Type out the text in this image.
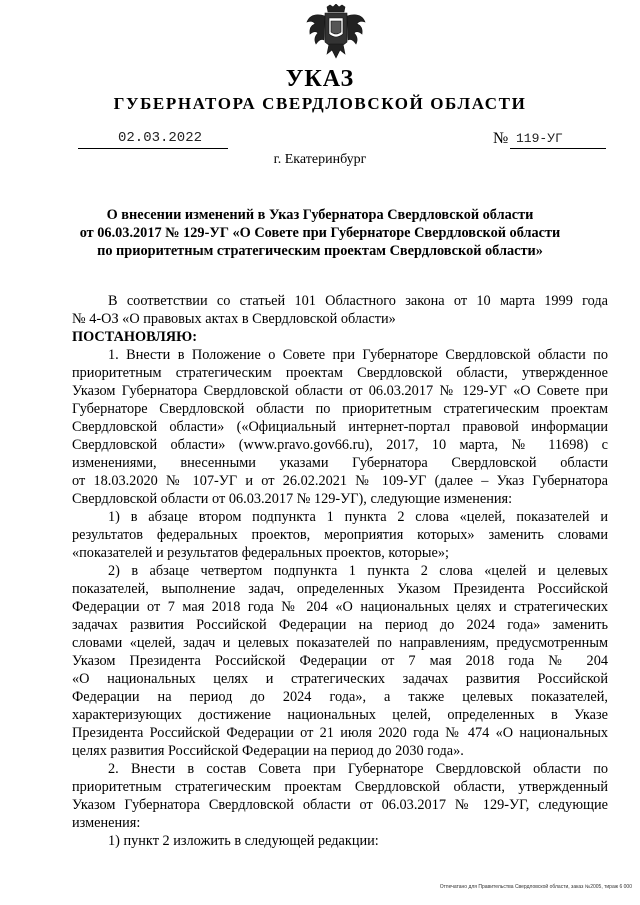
УКАЗ
ГУБЕРНАТОРА СВЕРДЛОВСКОЙ ОБЛАСТИ
02.03.2022	№ 119-УГ
г. Екатеринбург
О внесении изменений в Указ Губернатора Свердловской области
от 06.03.2017 № 129-УГ «О Совете при Губернаторе Свердловской области
по приоритетным стратегическим проектам Свердловской области»
В соответствии со статьей 101 Областного закона от 10 марта 1999 года
№ 4-ОЗ «О правовых актах в Свердловской области»
ПОСТАНОВЛЯЮ:
1. Внести в Положение о Совете при Губернаторе Свердловской области по
приоритетным стратегическим проектам Свердловской области, утвержденное
Указом Губернатора Свердловской области от 06.03.2017 № 129-УГ «О Совете при
Губернаторе Свердловской области по приоритетным стратегическим проектам
Свердловской области» («Официальный интернет-портал правовой информации
Свердловской области» (www.pravo.gov66.ru), 2017, 10 марта, № 11698) с
изменениями, внесенными указами Губернатора Свердловской области
от 18.03.2020 № 107-УГ и от 26.02.2021 № 109-УГ (далее – Указ Губернатора
Свердловской области от 06.03.2017 № 129-УГ), следующие изменения:
1) в абзаце втором подпункта 1 пункта 2 слова «целей, показателей и
результатов федеральных проектов, мероприятия которых» заменить словами
«показателей и результатов федеральных проектов, которые»;
2) в абзаце четвертом подпункта 1 пункта 2 слова «целей и целевых
показателей, выполнение задач, определенных Указом Президента Российской
Федерации от 7 мая 2018 года № 204 «О национальных целях и стратегических
задачах развития Российской Федерации на период до 2024 года» заменить
словами «целей, задач и целевых показателей по направлениям, предусмотренным
Указом Президента Российской Федерации от 7 мая 2018 года № 204
«О национальных целях и стратегических задачах развития Российской
Федерации на период до 2024 года», а также целевых показателей,
характеризующих достижение национальных целей, определенных в Указе
Президента Российской Федерации от 21 июля 2020 года № 474 «О национальных
целях развития Российской Федерации на период до 2030 года».
2. Внести в состав Совета при Губернаторе Свердловской области по
приоритетным стратегическим проектам Свердловской области, утвержденный
Указом Губернатора Свердловской области от 06.03.2017 № 129-УГ, следующие
изменения:
1) пункт 2 изложить в следующей редакции:
Отпечатано для Правительства Свердловской области, заказ №2005, тираж 6 000
